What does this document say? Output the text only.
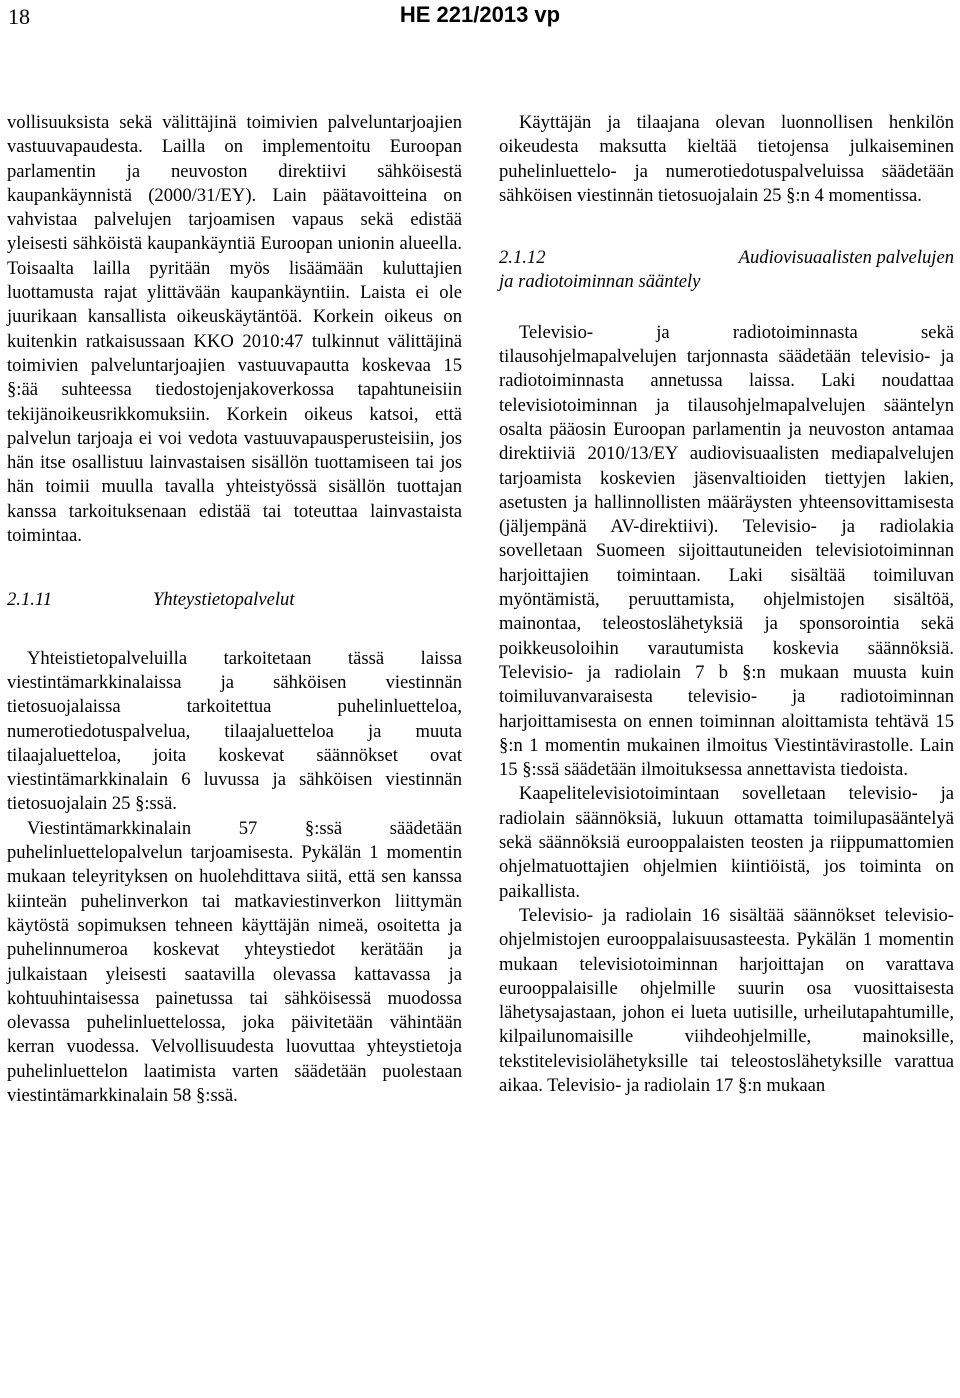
18	HE 221/2013 vp

vollisuuksista sekä välittäjinä toimivien palveluntarjoajien vastuuvapaudesta. Lailla on implementoitu Euroopan parlamentin ja neuvoston direktiivi sähköisestä kaupankäynnistä (2000/31/EY). Lain päätavoitteina on vahvistaa palvelujen tarjoamisen vapaus sekä edistää yleisesti sähköistä kaupankäyntiä Euroopan unionin alueella. Toisaalta lailla pyritään myös lisäämään kuluttajien luottamusta rajat ylittävään kaupankäyntiin. Laista ei ole juurikaan kansallista oikeuskäytäntöä. Korkein oikeus on kuitenkin ratkaisussaan KKO 2010:47 tulkinnut välittäjinä toimivien palveluntarjoajien vastuuvapautta koskevaa 15 §:ää suhteessa tiedostojenjakoverkossa tapahtuneisiin tekijänoikeusrikkomuksiin. Korkein oikeus katsoi, että palvelun tarjoaja ei voi vedota vastuuvapausperusteisiin, jos hän itse osallistuu lainvastaisen sisällön tuottamiseen tai jos hän toimii muulla tavalla yhteistyössä sisällön tuottajan kanssa tarkoituksenaan edistää tai toteuttaa lainvastaista toimintaa.

2.1.11	Yhteystietopalvelut

Yhteistietopalveluilla tarkoitetaan tässä laissa viestintämarkkinalaissa ja sähköisen viestinnän tietosuojalaissa tarkoitettua puhelinluetteloa, numerotiedotuspalvelua, tilaajaluetteloa ja muuta tilaajaluetteloa, joita koskevat säännökset ovat viestintämarkkinalain 6 luvussa ja sähköisen viestinnän tietosuojalain 25 §:ssä.

Viestintämarkkinalain 57 §:ssä säädetään puhelinluettelopalvelun tarjoamisesta. Pykälän 1 momentin mukaan teleyrityksen on huolehdittava siitä, että sen kanssa kiinteän puhelinverkon tai matkaviestinverkon liittymän käytöstä sopimuksen tehneen käyttäjän nimeä, osoitetta ja puhelinnumeroa koskevat yhteystiedot kerätään ja julkaistaan yleisesti saatavilla olevassa kattavassa ja kohtuuhintaisessa painetussa tai sähköisessä muodossa olevassa puhelinluettelossa, joka päivitetään vähintään kerran vuodessa. Velvollisuudesta luovuttaa yhteystietoja puhelinluettelon laatimista varten säädetään puolestaan viestintämarkkinalain 58 §:ssä.

Käyttäjän ja tilaajana olevan luonnollisen henkilön oikeudesta maksutta kieltää tietojensa julkaiseminen puhelinluettelo- ja numerotiedotuspalveluissa säädetään sähköisen viestinnän tietosuojalain 25 §:n 4 momentissa.

2.1.12	Audiovisuaalisten palvelujen
ja radiotoiminnan sääntely

Televisio- ja radiotoiminnasta sekä tilausohjelmapalvelujen tarjonnasta säädetään televisio- ja radiotoiminnasta annetussa laissa. Laki noudattaa televisiotoiminnan ja tilausohjelmapalvelujen sääntelyn osalta pääosin Euroopan parlamentin ja neuvoston antamaa direktiiviä 2010/13/EY audiovisuaalisten mediapalvelujen tarjoamista koskevien jäsenvaltioiden tiettyjen lakien, asetusten ja hallinnollisten määräysten yhteensovittamisesta (jäljempänä AV-direktiivi). Televisio- ja radiolakia sovelletaan Suomeen sijoittautuneiden televisiotoiminnan harjoittajien toimintaan. Laki sisältää toimiluvan myöntämistä, peruuttamista, ohjelmistojen sisältöä, mainontaa, teleostoslähetyksiä ja sponsorointia sekä poikkeusoloihin varautumista koskevia säännöksiä. Televisio- ja radiolain 7 b §:n mukaan muusta kuin toimiluvanvaraisesta televisio- ja radiotoiminnan harjoittamisesta on ennen toiminnan aloittamista tehtävä 15 §:n 1 momentin mukainen ilmoitus Viestintävirastolle. Lain 15 §:ssä säädetään ilmoituksessa annettavista tiedoista.

Kaapelitelevisiotoimintaan sovelletaan televisio- ja radiolain säännöksiä, lukuun ottamatta toimilupasääntelyä sekä säännöksiä eurooppalaisten teosten ja riippumattomien ohjelmatuottajien ohjelmien kiintiöistä, jos toiminta on paikallista.

Televisio- ja radiolain 16 sisältää säännökset televisio-ohjelmistojen eurooppalaisuusasteesta. Pykälän 1 momentin mukaan televisiotoiminnan harjoittajan on varattava eurooppalaisille ohjelmille suurin osa vuosittaisesta lähetysajastaan, johon ei lueta uutisille, urheilutapahtumille, kilpailunomaisille viihdeohjelmille, mainoksille, tekstitelevisiolähetyksille tai teleostoslähetyksille varattua aikaa. Televisio- ja radiolain 17 §:n mukaan
